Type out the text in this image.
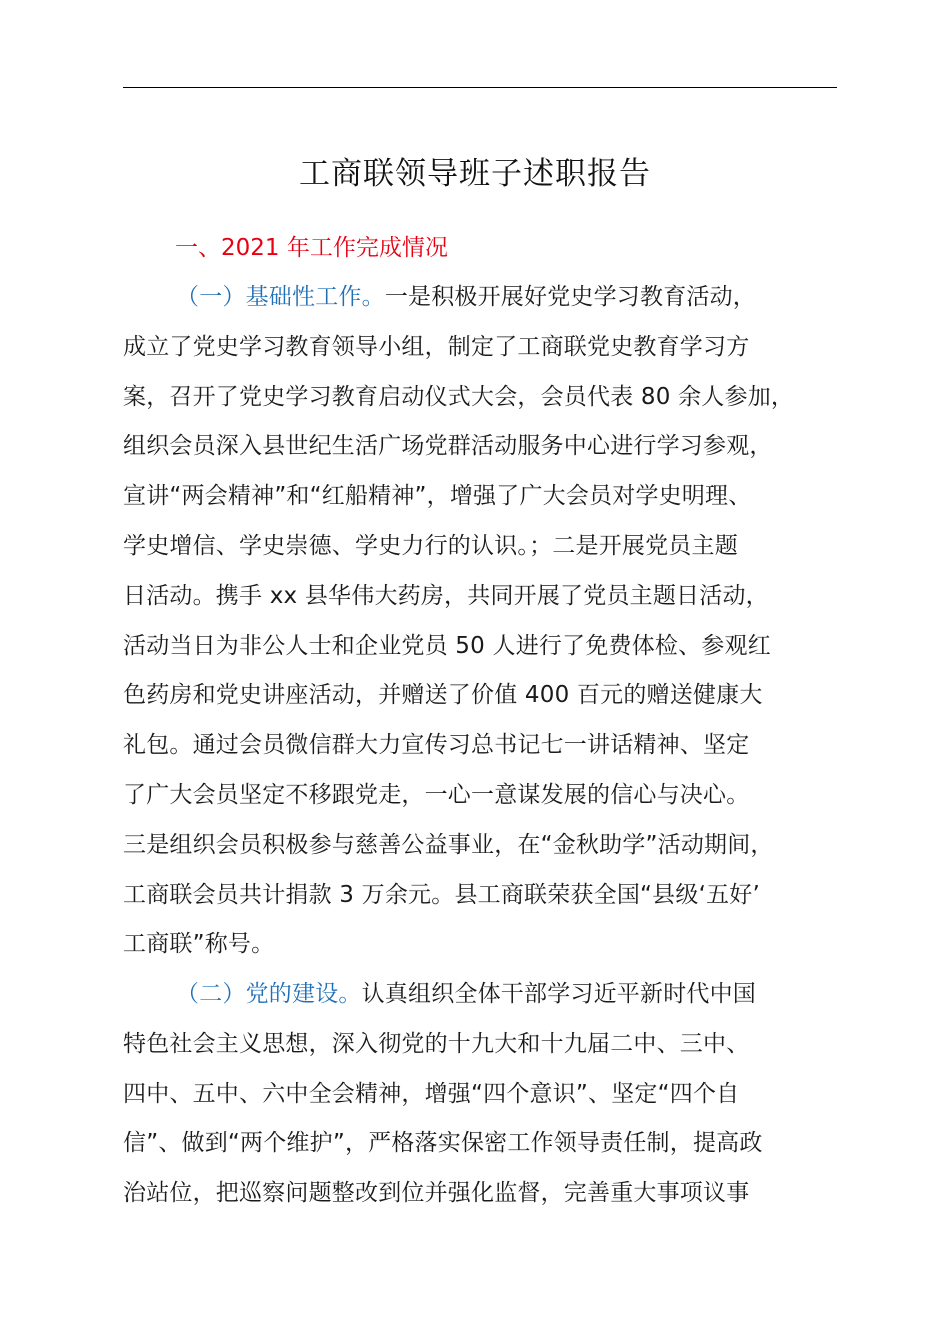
工商联领导班子述职报告
一、2021 年工作完成情况
（一）基础性工作。一是积极开展好党史学习教育活动，
成立了党史学习教育领导小组，制定了工商联党史教育学习方
案，召开了党史学习教育启动仪式大会，会员代表 80 余人参加，
组织会员深入县世纪生活广场党群活动服务中心进行学习参观，
宣讲“两会精神”和“红船精神”，增强了广大会员对学史明理、
学史增信、学史崇德、学史力行的认识。；二是开展党员主题
日活动。携手 xx 县华伟大药房，共同开展了党员主题日活动，
活动当日为非公人士和企业党员 50 人进行了免费体检、参观红
色药房和党史讲座活动，并赠送了价值 400 百元的赠送健康大
礼包。通过会员微信群大力宣传习总书记七一讲话精神、坚定
了广大会员坚定不移跟党走，一心一意谋发展的信心与决心。
三是组织会员积极参与慈善公益事业，在“金秋助学”活动期间，
工商联会员共计捐款 3 万余元。县工商联荣获全国“县级‘五好’
工商联”称号。
（二）党的建设。认真组织全体干部学习近平新时代中国
特色社会主义思想，深入彻党的十九大和十九届二中、三中、
四中、五中、六中全会精神，增强“四个意识”、坚定“四个自
信”、做到“两个维护”，严格落实保密工作领导责任制，提高政
治站位，把巡察问题整改到位并强化监督，完善重大事项议事
